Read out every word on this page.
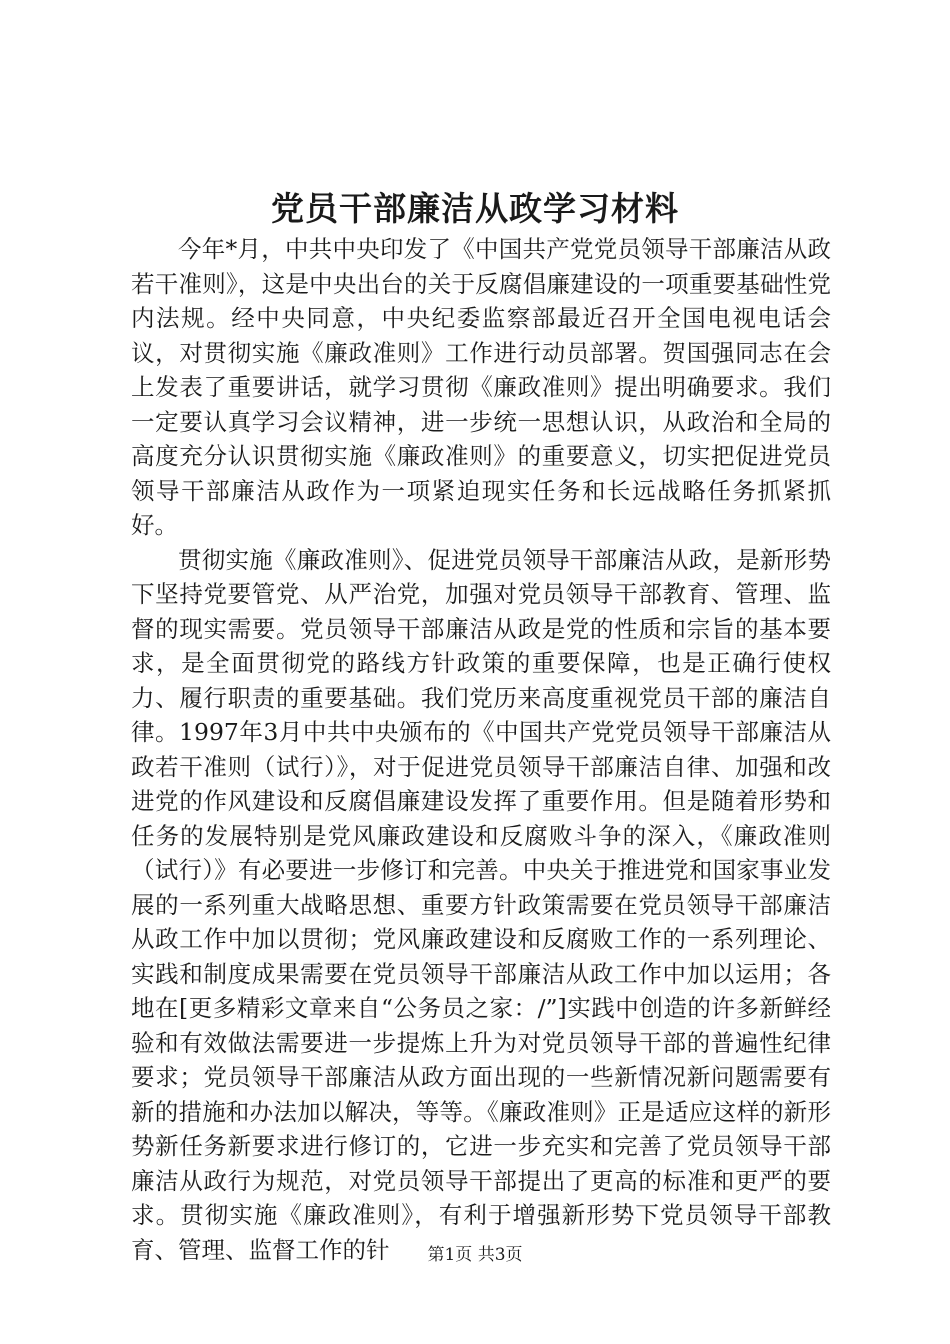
党员干部廉洁从政学习材料

今年*月，中共中央印发了《中国共产党党员领导干部廉洁从政若干准则》，这是中央出台的关于反腐倡廉建设的一项重要基础性党内法规。经中央同意，中央纪委监察部最近召开全国电视电话会议，对贯彻实施《廉政准则》工作进行动员部署。贺国强同志在会上发表了重要讲话，就学习贯彻《廉政准则》提出明确要求。我们一定要认真学习会议精神，进一步统一思想认识，从政治和全局的高度充分认识贯彻实施《廉政准则》的重要意义，切实把促进党员领导干部廉洁从政作为一项紧迫现实任务和长远战略任务抓紧抓好。

贯彻实施《廉政准则》、促进党员领导干部廉洁从政，是新形势下坚持党要管党、从严治党，加强对党员领导干部教育、管理、监督的现实需要。党员领导干部廉洁从政是党的性质和宗旨的基本要求，是全面贯彻党的路线方针政策的重要保障，也是正确行使权力、履行职责的重要基础。我们党历来高度重视党员干部的廉洁自律。1997年3月中共中央颁布的《中国共产党党员领导干部廉洁从政若干准则（试行）》，对于促进党员领导干部廉洁自律、加强和改进党的作风建设和反腐倡廉建设发挥了重要作用。但是随着形势和任务的发展特别是党风廉政建设和反腐败斗争的深入，《廉政准则（试行）》有必要进一步修订和完善。中央关于推进党和国家事业发展的一系列重大战略思想、重要方针政策需要在党员领导干部廉洁从政工作中加以贯彻；党风廉政建设和反腐败工作的一系列理论、实践和制度成果需要在党员领导干部廉洁从政工作中加以运用；各地在[更多精彩文章来自“公务员之家：/”]实践中创造的许多新鲜经验和有效做法需要进一步提炼上升为对党员领导干部的普遍性纪律要求；党员领导干部廉洁从政方面出现的一些新情况新问题需要有新的措施和办法加以解决，等等。《廉政准则》正是适应这样的新形势新任务新要求进行修订的，它进一步充实和完善了党员领导干部廉洁从政行为规范，对党员领导干部提出了更高的标准和更严的要求。贯彻实施《廉政准则》，有利于增强新形势下党员领导干部教育、管理、监督工作的针	第1页 共3页
